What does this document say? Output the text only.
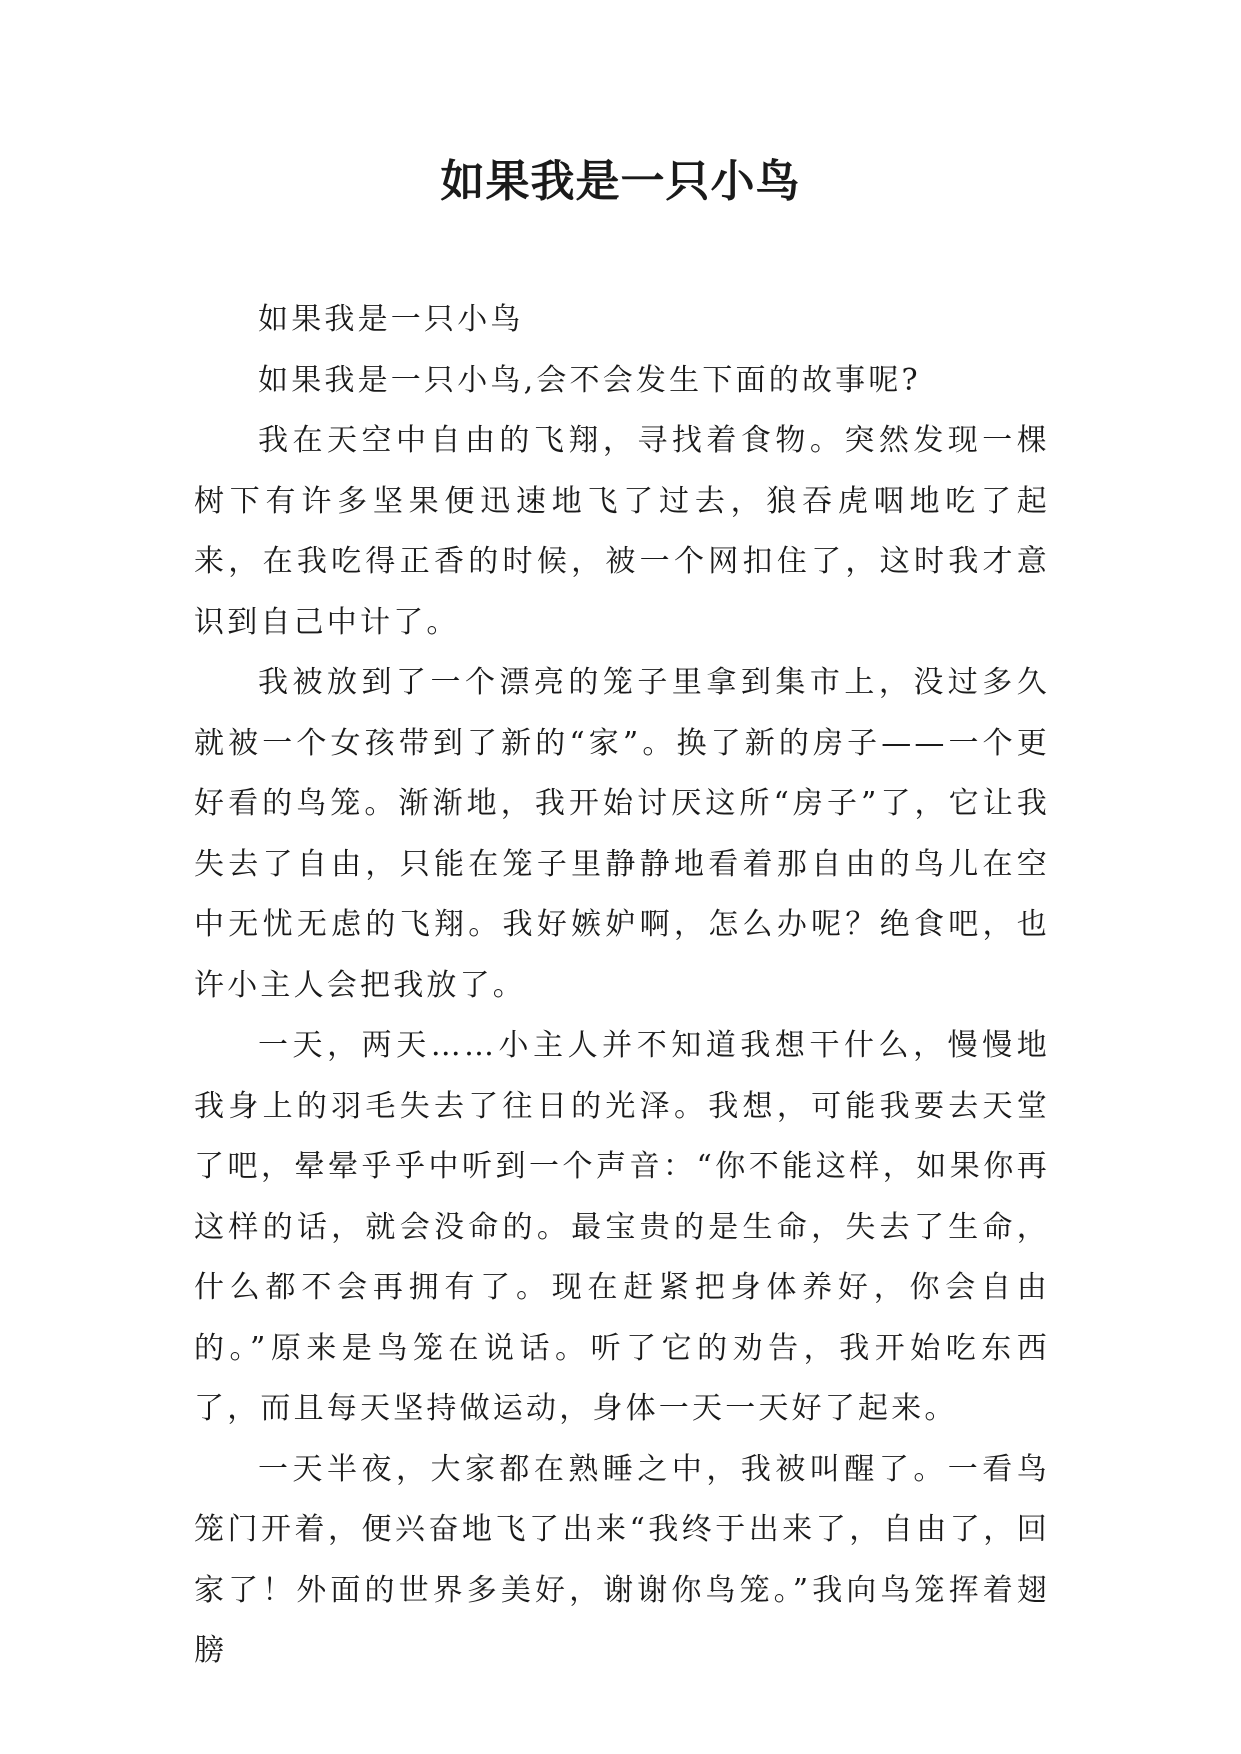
如果我是一只小鸟

如果我是一只小鸟

如果我是一只小鸟,会不会发生下面的故事呢?

我在天空中自由的飞翔，寻找着食物。突然发现一棵树下有许多坚果便迅速地飞了过去，狼吞虎咽地吃了起来，在我吃得正香的时候，被一个网扣住了，这时我才意识到自己中计了。

我被放到了一个漂亮的笼子里拿到集市上，没过多久就被一个女孩带到了新的“家”。换了新的房子——一个更好看的鸟笼。渐渐地，我开始讨厌这所“房子”了，它让我失去了自由，只能在笼子里静静地看着那自由的鸟儿在空中无忧无虑的飞翔。我好嫉妒啊，怎么办呢？绝食吧，也许小主人会把我放了。

一天，两天……小主人并不知道我想干什么，慢慢地我身上的羽毛失去了往日的光泽。我想，可能我要去天堂了吧，晕晕乎乎中听到一个声音：“你不能这样，如果你再这样的话，就会没命的。最宝贵的是生命，失去了生命，什么都不会再拥有了。现在赶紧把身体养好，你会自由的。”原来是鸟笼在说话。听了它的劝告，我开始吃东西了，而且每天坚持做运动，身体一天一天好了起来。

一天半夜，大家都在熟睡之中，我被叫醒了。一看鸟笼门开着，便兴奋地飞了出来“我终于出来了，自由了，回家了！外面的世界多美好，谢谢你鸟笼。”我向鸟笼挥着翅膀
